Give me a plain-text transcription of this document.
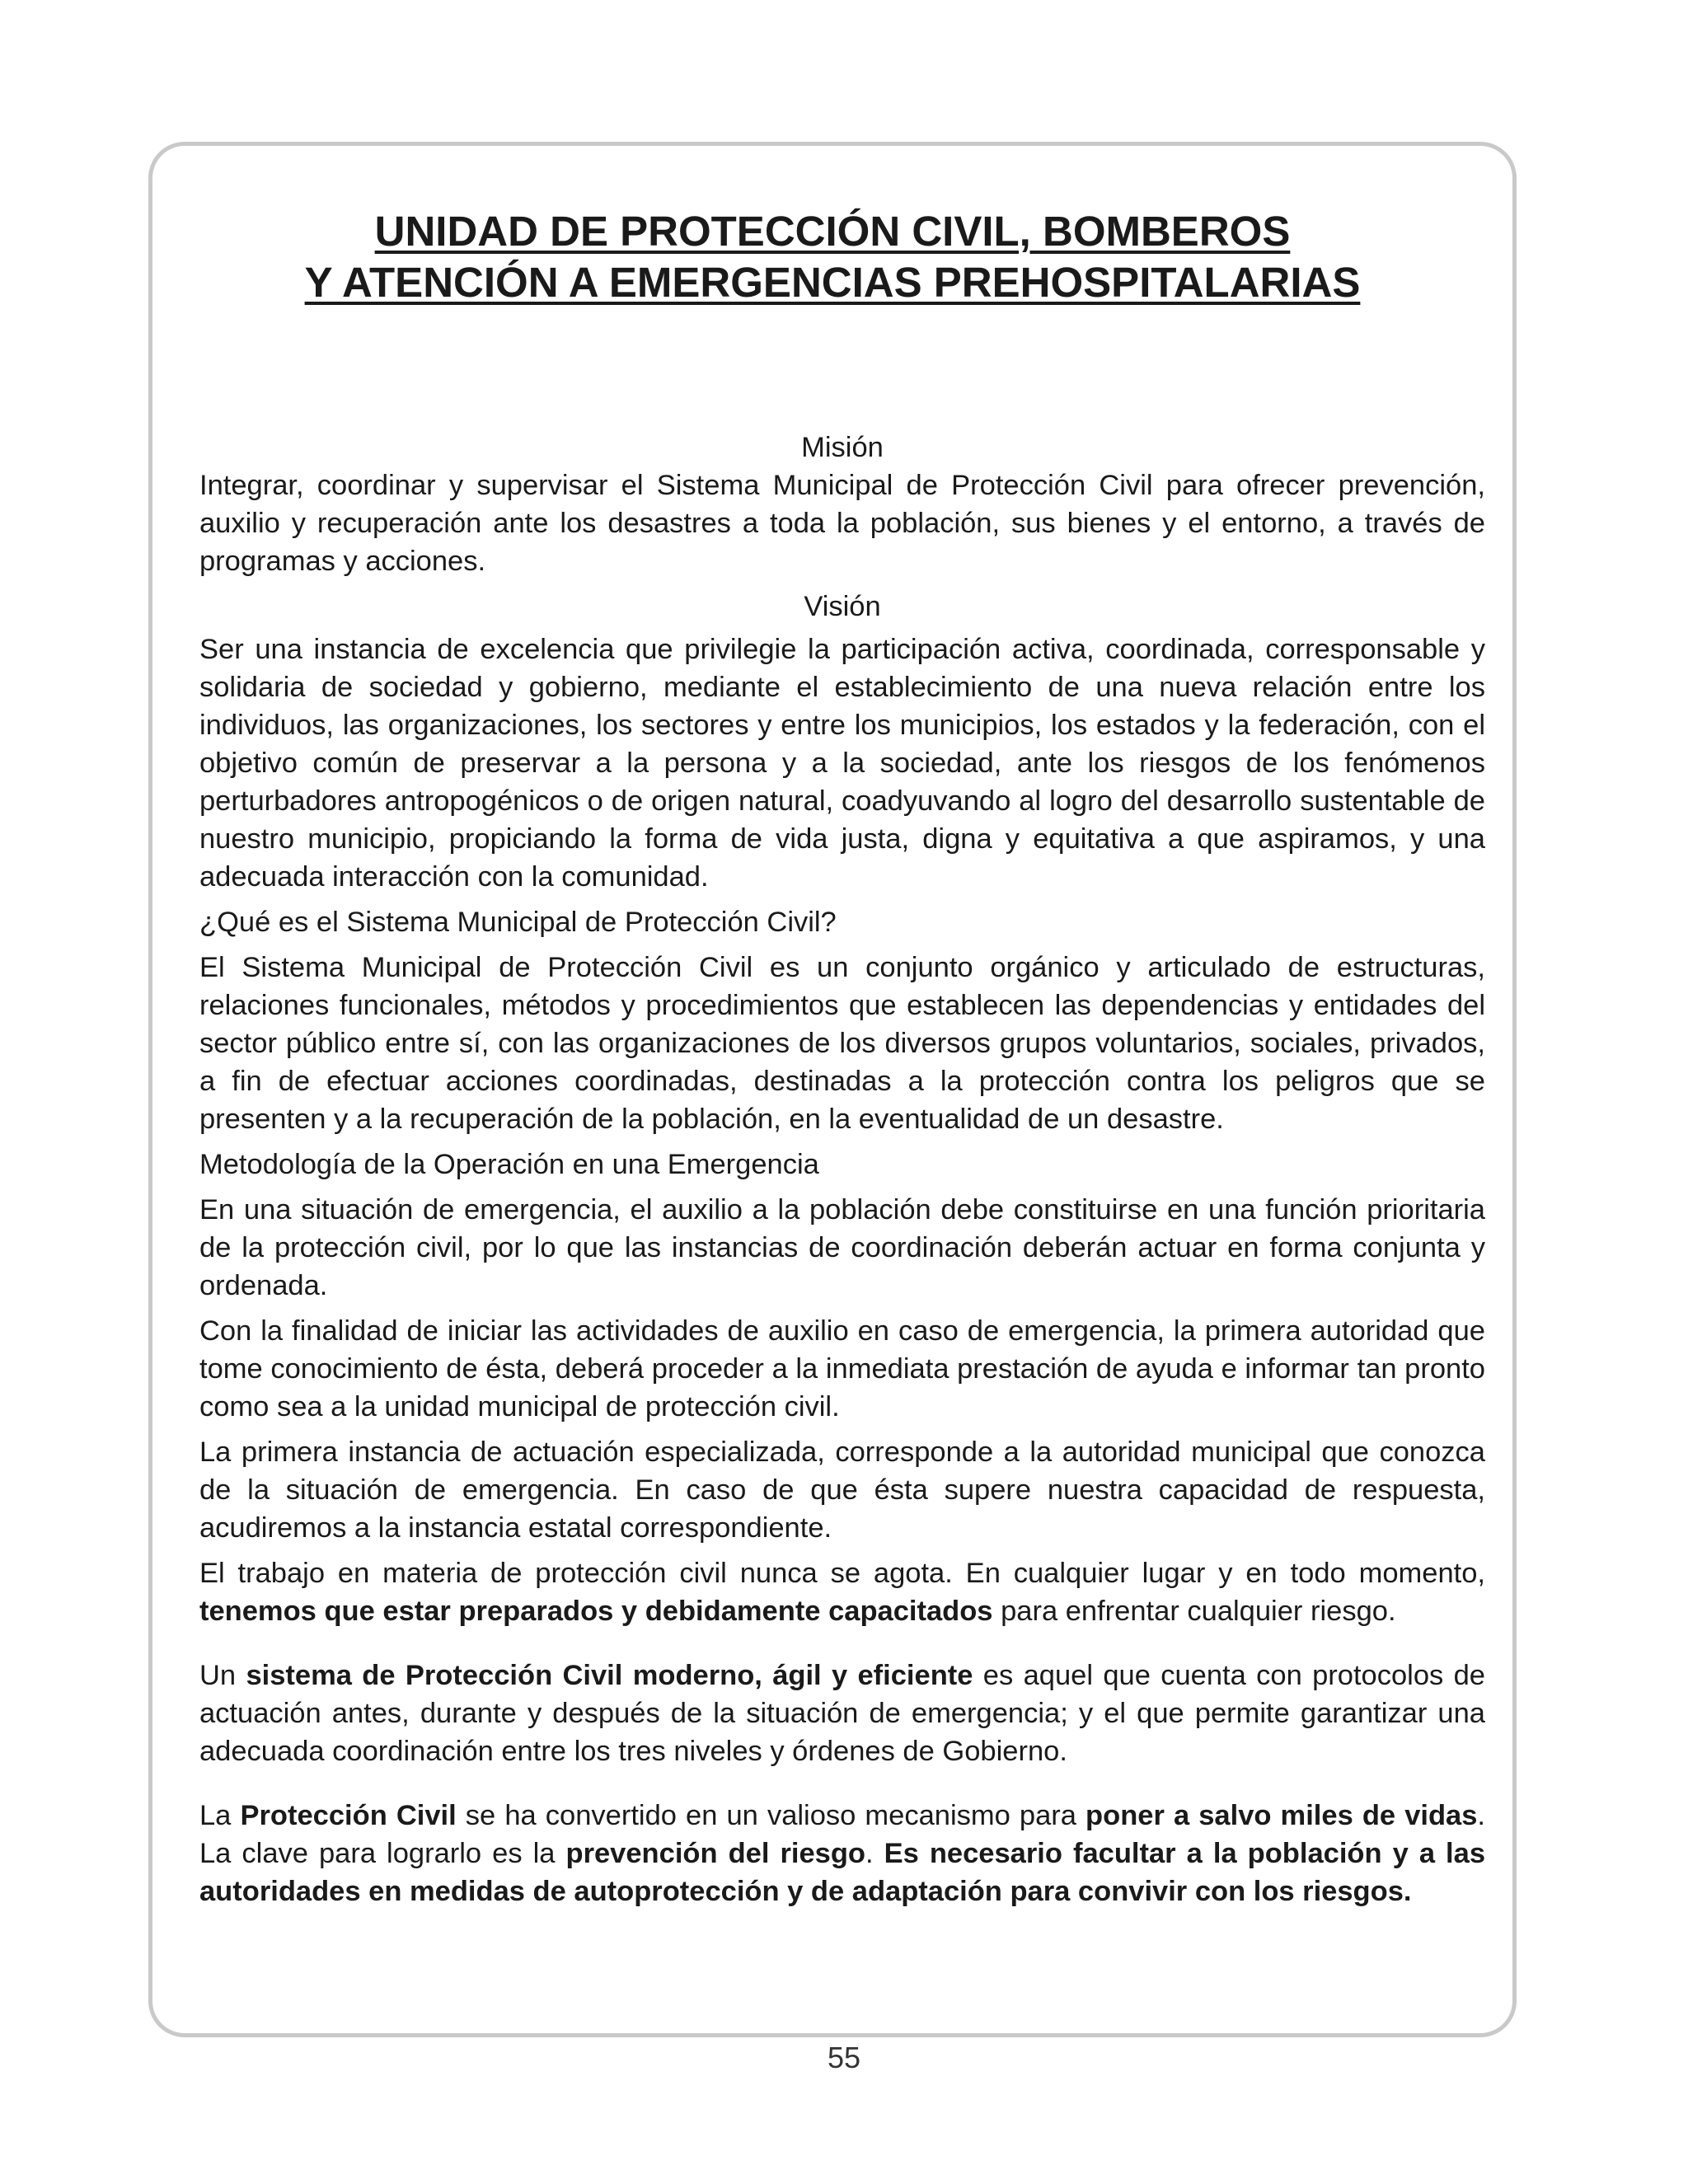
UNIDAD DE PROTECCIÓN CIVIL, BOMBEROS
Y ATENCIÓN A EMERGENCIAS PREHOSPITALARIAS

Misión

Integrar, coordinar y supervisar el Sistema Municipal de Protección Civil para ofrecer prevención, auxilio y recuperación ante los desastres a toda la población, sus bienes y el entorno, a través de programas y acciones.

Visión

Ser una instancia de excelencia que privilegie la participación activa, coordinada, corresponsable y solidaria de sociedad y gobierno, mediante el establecimiento de una nueva relación entre los individuos, las organizaciones, los sectores y entre los municipios, los estados y la federación, con el objetivo común de preservar a la persona y a la sociedad, ante los riesgos de los fenómenos perturbadores antropogénicos o de origen natural, coadyuvando al logro del desarrollo sustentable de nuestro municipio, propiciando la forma de vida justa, digna y equitativa a que aspiramos, y una adecuada interacción con la comunidad.

¿Qué es el Sistema Municipal de Protección Civil?

El Sistema Municipal de Protección Civil es un conjunto orgánico y articulado de estructuras, relaciones funcionales, métodos y procedimientos que establecen las dependencias y entidades del sector público entre sí, con las organizaciones de los diversos grupos voluntarios, sociales, privados, a fin de efectuar acciones coordinadas, destinadas a la protección contra los peligros que se presenten y a la recuperación de la población, en la eventualidad de un desastre.

Metodología de la Operación en una Emergencia

En una situación de emergencia, el auxilio a la población debe constituirse en una función prioritaria de la protección civil, por lo que las instancias de coordinación deberán actuar en forma conjunta y ordenada.

Con la finalidad de iniciar las actividades de auxilio en caso de emergencia, la primera autoridad que tome conocimiento de ésta, deberá proceder a la inmediata prestación de ayuda e informar tan pronto como sea a la unidad municipal de protección civil.

La primera instancia de actuación especializada, corresponde a la autoridad municipal que conozca de la situación de emergencia. En caso de que ésta supere nuestra capacidad de respuesta, acudiremos a la instancia estatal correspondiente.

El trabajo en materia de protección civil nunca se agota. En cualquier lugar y en todo momento, tenemos que estar preparados y debidamente capacitados para enfrentar cualquier riesgo.

Un sistema de Protección Civil moderno, ágil y eficiente es aquel que cuenta con protocolos de actuación antes, durante y después de la situación de emergencia; y el que permite garantizar una adecuada coordinación entre los tres niveles y órdenes de Gobierno.

La Protección Civil se ha convertido en un valioso mecanismo para poner a salvo miles de vidas. La clave para lograrlo es la prevención del riesgo. Es necesario facultar a la población y a las autoridades en medidas de autoprotección y de adaptación para convivir con los riesgos.

55
